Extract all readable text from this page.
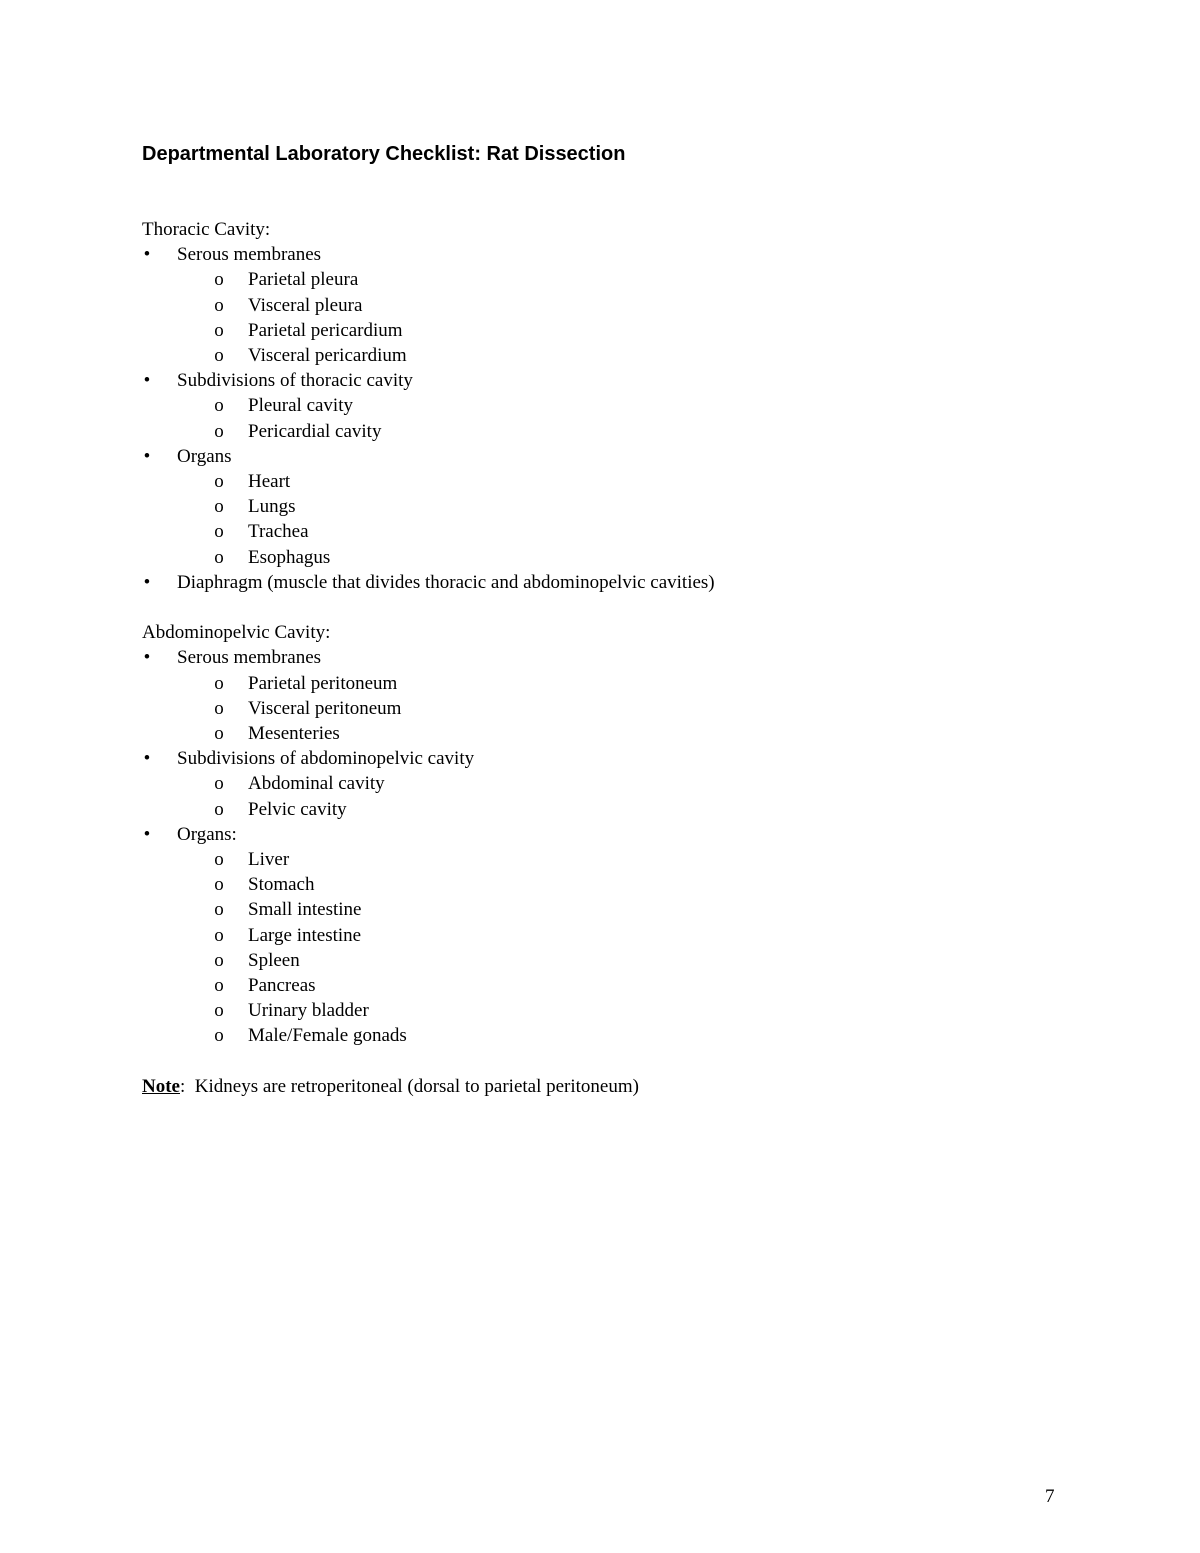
Departmental Laboratory Checklist: Rat Dissection
Thoracic Cavity:
• Serous membranes
o Parietal pleura
o Visceral pleura
o Parietal pericardium
o Visceral pericardium
• Subdivisions of thoracic cavity
o Pleural cavity
o Pericardial cavity
• Organs
o Heart
o Lungs
o Trachea
o Esophagus
• Diaphragm (muscle that divides thoracic and abdominopelvic cavities)
Abdominopelvic Cavity:
• Serous membranes
o Parietal peritoneum
o Visceral peritoneum
o Mesenteries
• Subdivisions of abdominopelvic cavity
o Abdominal cavity
o Pelvic cavity
• Organs:
o Liver
o Stomach
o Small intestine
o Large intestine
o Spleen
o Pancreas
o Urinary bladder
o Male/Female gonads
Note: Kidneys are retroperitoneal (dorsal to parietal peritoneum)
7
